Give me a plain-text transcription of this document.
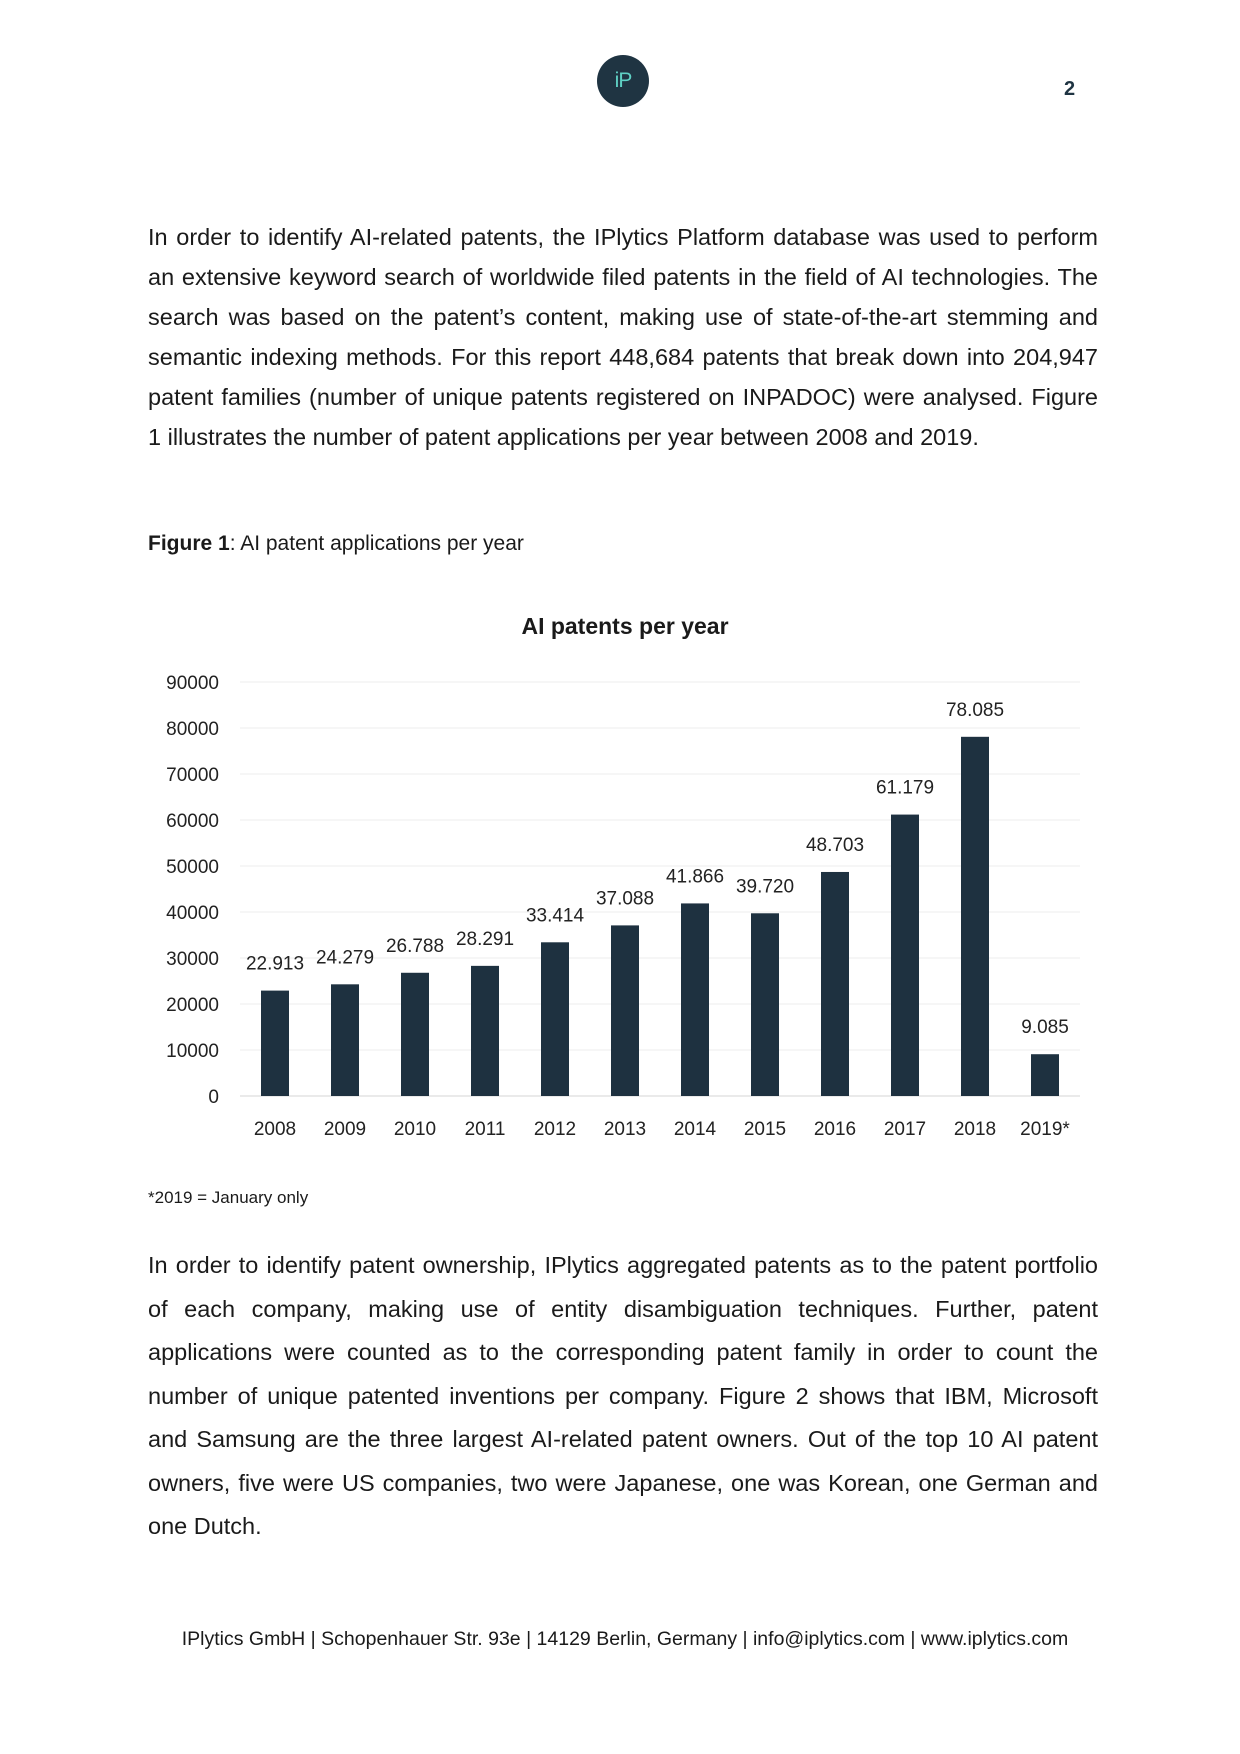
iP	2

In order to identify AI-related patents, the IPlytics Platform database was used to perform an extensive keyword search of worldwide filed patents in the field of AI technologies. The search was based on the patent’s content, making use of state-of-the-art stemming and semantic indexing methods. For this report 448,684 patents that break down into 204,947 patent families (number of unique patents registered on INPADOC) were analysed. Figure 1 illustrates the number of patent applications per year between 2008 and 2019.

Figure 1: AI patent applications per year
AI patents per year
0
10000
20000
30000
40000
50000
60000
70000
80000
90000
22.913 24.279
26.788 28.291
33.414
37.088
41.866 39.720
48.703
61.179
78.085
9.085
2008 2009 2010 2011 2012 2013 2014 2015 2016 2017 2018 2019*
*2019 = January only

In order to identify patent ownership, IPlytics aggregated patents as to the patent portfolio of each company, making use of entity disambiguation techniques. Further, patent applications were counted as to the corresponding patent family in order to count the number of unique patented inventions per company. Figure 2 shows that IBM, Microsoft and Samsung are the three largest AI-related patent owners. Out of the top 10 AI patent owners, five were US companies, two were Japanese, one was Korean, one German and one Dutch.

IPlytics GmbH | Schopenhauer Str. 93e | 14129 Berlin, Germany | info@iplytics.com | www.iplytics.com
